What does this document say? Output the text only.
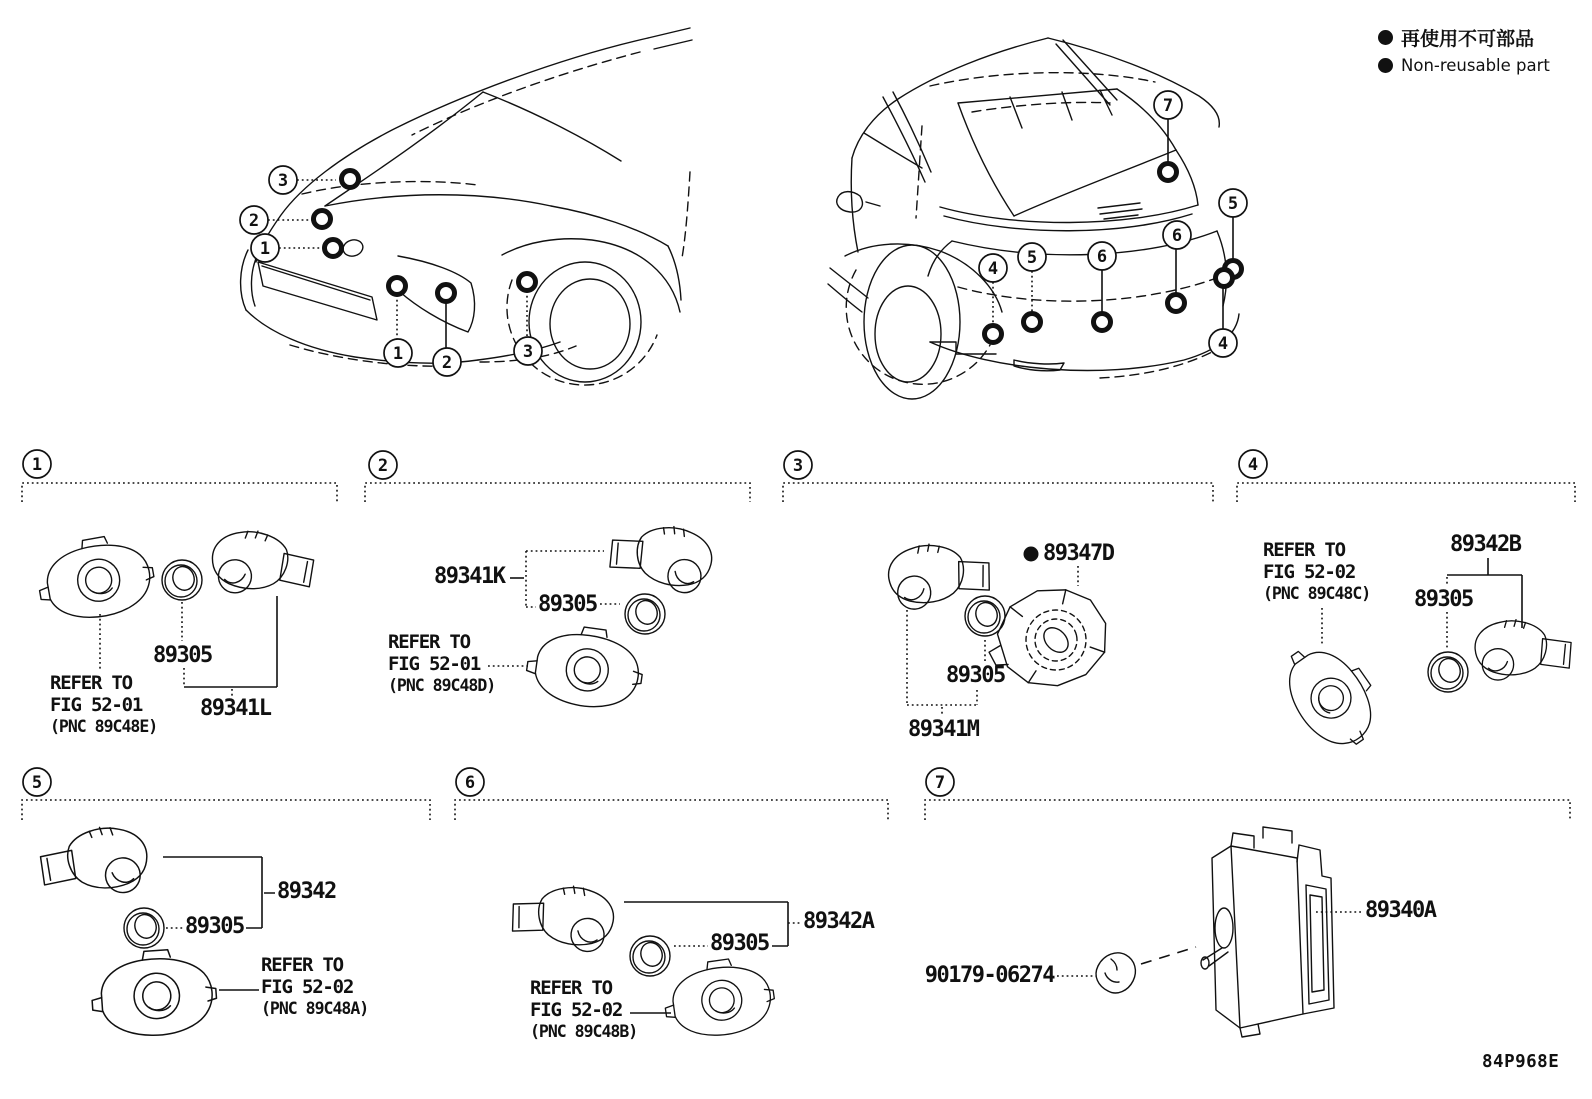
3
2
1
1 2
3
7
5
6
6
5
4
4
1	2	3	4
5	6	7
再使用不可部品
Non-reusable part
89305
89341L
REFER TO
FIG 52-01
(PNC 89C48E)
89341K
89305
REFER TO
FIG 52-01
(PNC 89C48D)
89347D
89305
89341M
REFER TO
FIG 52-02
(PNC 89C48C)
89342B
89305
89342
89305
REFER TO
FIG 52-02
(PNC 89C48A)
89342A
89305
REFER TO
FIG 52-02
(PNC 89C48B)
89340A
90179-06274
84P968E
